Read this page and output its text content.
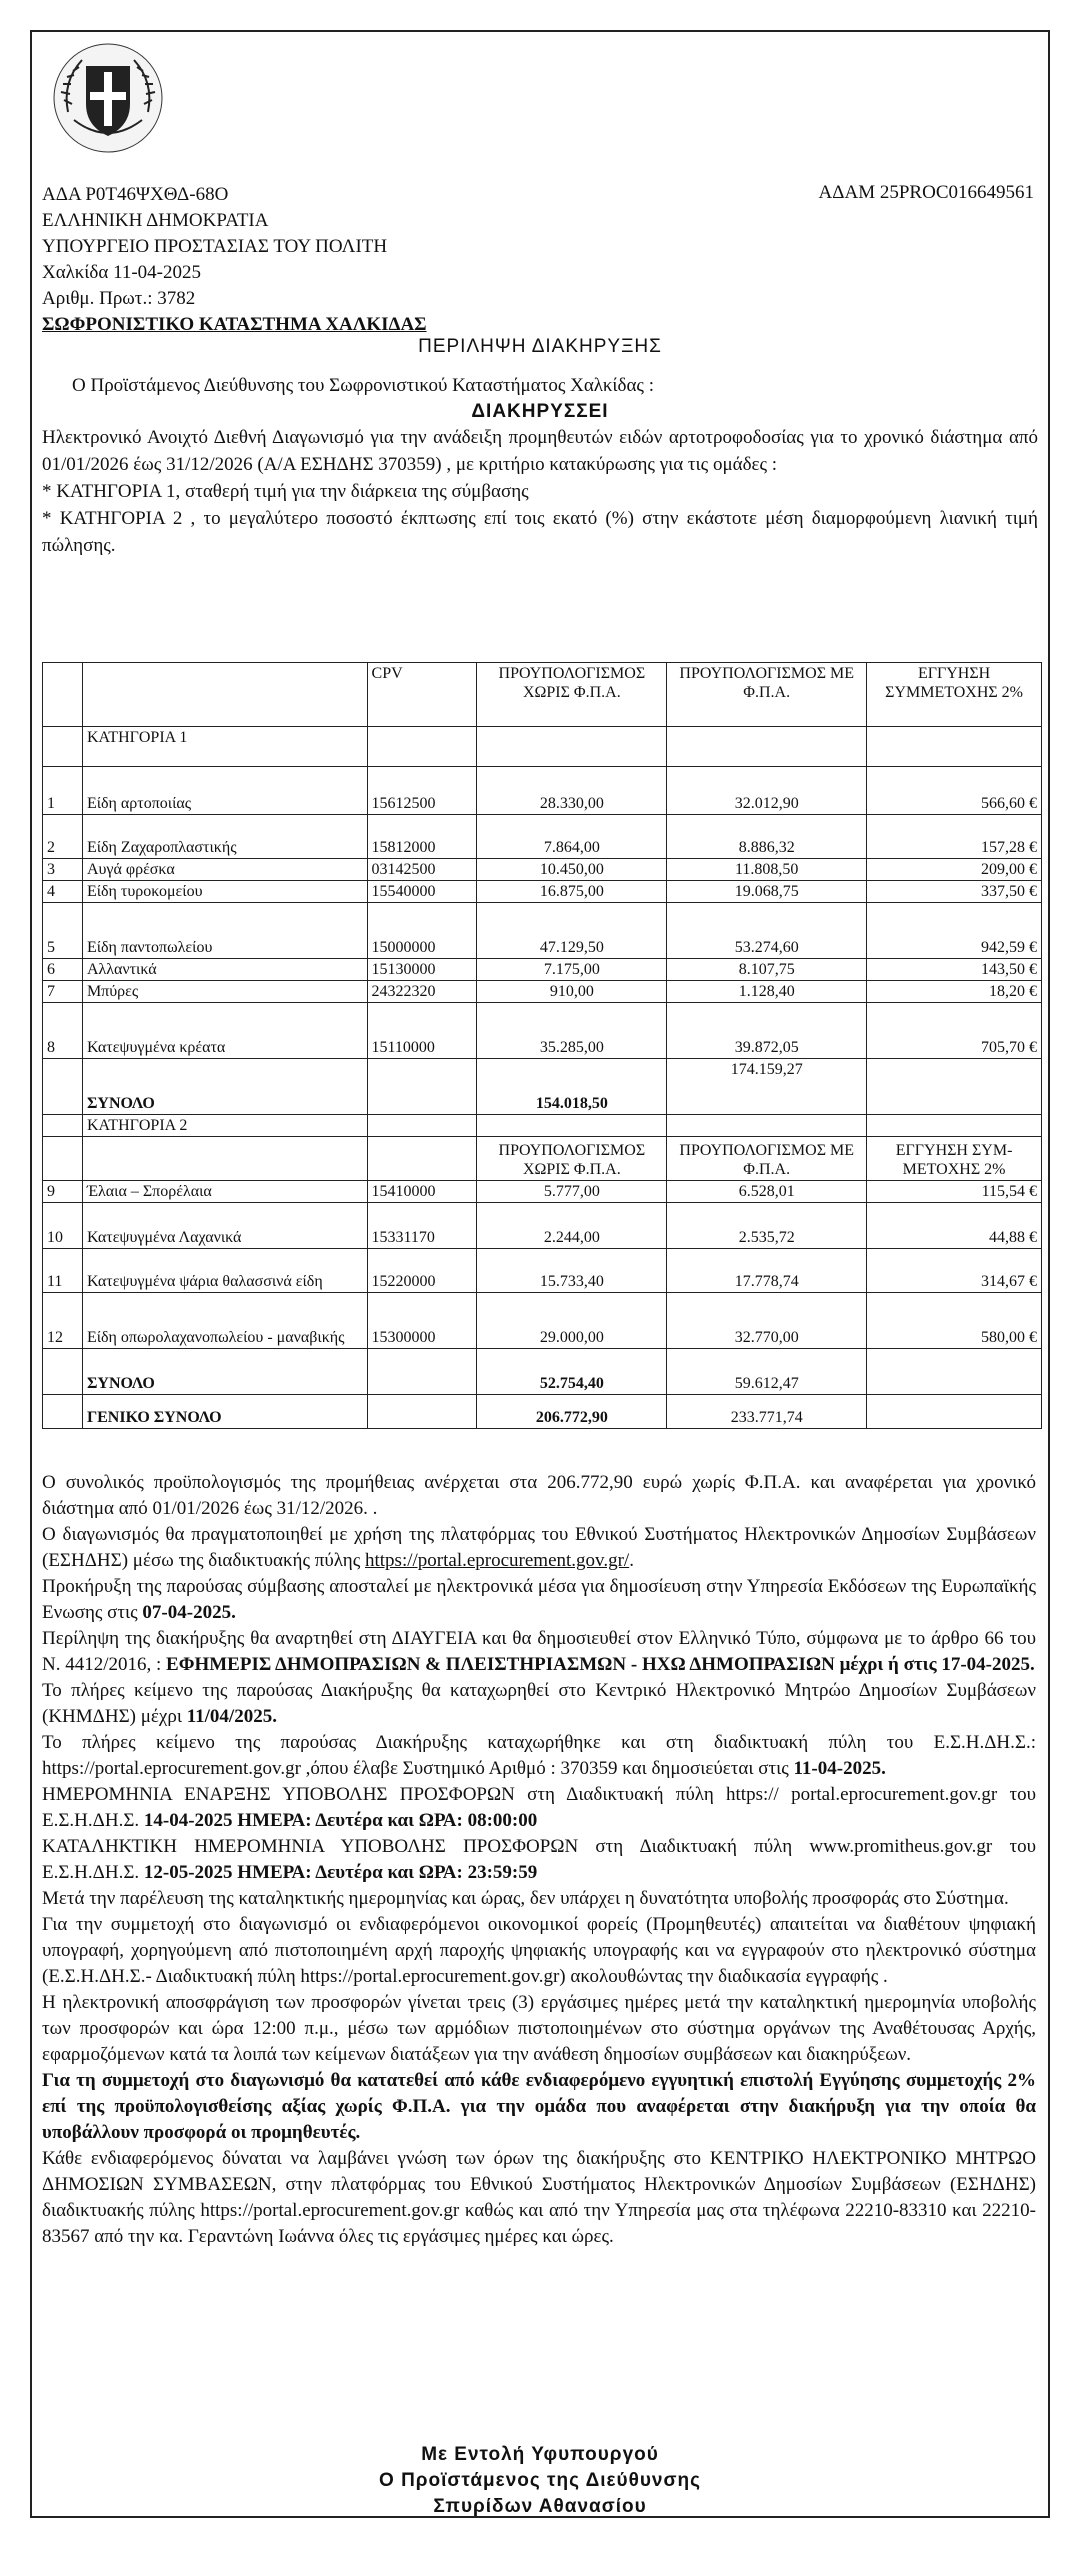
ΑΔΑ Ρ0Τ46ΨΧΘΔ-68Ο	ΑΔΑΜ 25PROC016649561
ΕΛΛΗΝΙΚΗ ΔΗΜΟΚΡΑΤΙΑ
ΥΠΟΥΡΓΕΙΟ ΠΡΟΣΤΑΣΙΑΣ ΤΟΥ ΠΟΛΙΤΗ
Χαλκίδα 11-04-2025
Αριθμ. Πρωτ.: 3782
ΣΩΦΡΟΝΙΣΤΙΚΟ ΚΑΤΑΣΤΗΜΑ ΧΑΛΚΙΔΑΣ
ΠΕΡΙΛΗΨΗ ΔΙΑΚΗΡΥΞΗΣ
Ο Προϊστάμενος Διεύθυνσης του Σωφρονιστικού Καταστήματος Χαλκίδας :
ΔΙΑΚΗΡΥΣΣΕΙ

Ηλεκτρονικό Ανοιχτό Διεθνή Διαγωνισμό για την ανάδειξη προμηθευτών ειδών αρτοτροφοδοσίας για το χρονικό διάστημα από 01/01/2026 έως 31/12/2026 (Α/Α ΕΣΗΔΗΣ 370359) , με κριτήριο κατακύρωσης για τις ομάδες :

* ΚΑΤΗΓΟΡΙΑ 1, σταθερή τιμή για την διάρκεια της σύμβασης

* ΚΑΤΗΓΟΡΙΑ 2 , το μεγαλύτερο ποσοστό έκπτωσης επί τοις εκατό (%) στην εκάστοτε μέση διαμορφούμενη λιανική τιμή πώλησης.

		CPV	ΠΡΟΥΠΟΛΟΓΙΣΜΟΣ ΧΩΡΙΣ Φ.Π.Α.	ΠΡΟΥΠΟΛΟΓΙΣΜΟΣ ΜΕ Φ.Π.Α.	ΕΓΓΥΗΣΗ ΣΥΜΜΕΤΟΧΗΣ 2%
	ΚΑΤΗΓΟΡΙΑ 1				
1	Είδη αρτοποιίας	15612500	28.330,00	32.012,90	566,60 €
2	Είδη Ζαχαροπλαστικής	15812000	7.864,00	8.886,32	157,28 €
3	Αυγά φρέσκα	03142500	10.450,00	11.808,50	209,00 €
4	Είδη τυροκομείου	15540000	16.875,00	19.068,75	337,50 €
5	Είδη παντοπωλείου	15000000	47.129,50	53.274,60	942,59 €
6	Αλλαντικά	15130000	7.175,00	8.107,75	143,50 €
7	Μπύρες	24322320	910,00	1.128,40	18,20 €
8	Κατεψυγμένα κρέατα	15110000	35.285,00	39.872,05	705,70 €
	ΣΥΝΟΛΟ		154.018,50	174.159,27	
	ΚΑΤΗΓΟΡΙΑ 2				
			ΠΡΟΥΠΟΛΟΓΙΣΜΟΣ ΧΩΡΙΣ Φ.Π.Α.	ΠΡΟΥΠΟΛΟΓΙΣΜΟΣ ΜΕ Φ.Π.Α.	ΕΓΓΥΗΣΗ ΣΥΜ-ΜΕΤΟΧΗΣ 2%
9	Έλαια – Σπορέλαια	15410000	5.777,00	6.528,01	115,54 €
10	Κατεψυγμένα Λαχανικά	15331170	2.244,00	2.535,72	44,88 €
11	Κατεψυγμένα ψάρια θαλασσινά είδη	15220000	15.733,40	17.778,74	314,67 €
12	Είδη οπωρολαχανοπωλείου - μαναβικής	15300000	29.000,00	32.770,00	580,00 €
	ΣΥΝΟΛΟ		52.754,40	59.612,47	
	ΓΕΝΙΚΟ ΣΥΝΟΛΟ		206.772,90	233.771,74	

Ο συνολικός προϋπολογισμός της προμήθειας ανέρχεται στα 206.772,90 ευρώ χωρίς Φ.Π.Α. και αναφέρεται για χρονικό διάστημα από 01/01/2026 έως 31/12/2026. .

Ο διαγωνισμός θα πραγματοποιηθεί με χρήση της πλατφόρμας του Εθνικού Συστήματος Ηλεκτρονικών Δημοσίων Συμβάσεων (ΕΣΗΔΗΣ) μέσω της διαδικτυακής πύλης https://portal.eprocurement.gov.gr/.

Προκήρυξη της παρούσας σύμβασης αποσταλεί με ηλεκτρονικά μέσα για δημοσίευση στην Υπηρεσία Εκδόσεων της Ευρωπαϊκής Ενωσης στις 07-04-2025.

Περίληψη της διακήρυξης θα αναρτηθεί στη ΔΙΑΥΓΕΙΑ και θα δημοσιευθεί στον Ελληνικό Τύπο, σύμφωνα με το άρθρο 66 του Ν. 4412/2016, : ΕΦΗΜΕΡΙΣ ΔΗΜΟΠΡΑΣΙΩΝ & ΠΛΕΙΣΤΗΡΙΑΣΜΩΝ - ΗΧΩ ΔΗΜΟΠΡΑΣΙΩΝ μέχρι ή στις 17-04-2025.

Το πλήρες κείμενο της παρούσας Διακήρυξης θα καταχωρηθεί στο Κεντρικό Ηλεκτρονικό Μητρώο Δημοσίων Συμβάσεων (ΚΗΜΔΗΣ) μέχρι 11/04/2025.

Το πλήρες κείμενο της παρούσας Διακήρυξης καταχωρήθηκε και στη διαδικτυακή πύλη του Ε.Σ.Η.ΔΗ.Σ.: https://portal.eprocurement.gov.gr ,όπου έλαβε Συστημικό Αριθμό : 370359 και δημοσιεύεται στις 11-04-2025.

ΗΜΕΡΟΜΗΝΙΑ ΕΝΑΡΞΗΣ ΥΠΟΒΟΛΗΣ ΠΡΟΣΦΟΡΩΝ στη Διαδικτυακή πύλη https:// portal.eprocurement.gov.gr του Ε.Σ.Η.ΔΗ.Σ. 14-04-2025 ΗΜΕΡΑ: Δευτέρα και ΩΡΑ: 08:00:00

ΚΑΤΑΛΗΚΤΙΚΗ ΗΜΕΡΟΜΗΝΙΑ ΥΠΟΒΟΛΗΣ ΠΡΟΣΦΟΡΩΝ στη Διαδικτυακή πύλη www.promitheus.gov.gr του Ε.Σ.Η.ΔΗ.Σ. 12-05-2025 ΗΜΕΡΑ: Δευτέρα και ΩΡΑ: 23:59:59

Μετά την παρέλευση της καταληκτικής ημερομηνίας και ώρας, δεν υπάρχει η δυνατότητα υποβολής προσφοράς στο Σύστημα.

Για την συμμετοχή στο διαγωνισμό οι ενδιαφερόμενοι οικονομικοί φορείς (Προμηθευτές) απαιτείται να διαθέτουν ψηφιακή υπογραφή, χορηγούμενη από πιστοποιημένη αρχή παροχής ψηφιακής υπογραφής και να εγγραφούν στο ηλεκτρονικό σύστημα (Ε.Σ.Η.ΔΗ.Σ.- Διαδικτυακή πύλη https://portal.eprocurement.gov.gr) ακολουθώντας την διαδικασία εγγραφής .

Η ηλεκτρονική αποσφράγιση των προσφορών γίνεται τρεις (3) εργάσιμες ημέρες μετά την καταληκτική ημερομηνία υποβολής των προσφορών και ώρα 12:00 π.μ., μέσω των αρμόδιων πιστοποιημένων στο σύστημα οργάνων της Αναθέτουσας Αρχής, εφαρμοζόμενων κατά τα λοιπά των κείμενων διατάξεων για την ανάθεση δημοσίων συμβάσεων και διακηρύξεων.

Για τη συμμετοχή στο διαγωνισμό θα κατατεθεί από κάθε ενδιαφερόμενο εγγυητική επιστολή Εγγύησης συμμετοχής 2% επί της προϋπολογισθείσης αξίας χωρίς Φ.Π.Α. για την ομάδα που αναφέρεται στην διακήρυξη για την οποία θα υποβάλλουν προσφορά οι προμηθευτές.

Κάθε ενδιαφερόμενος δύναται να λαμβάνει γνώση των όρων της διακήρυξης στο ΚΕΝΤΡΙΚΟ ΗΛΕΚΤΡΟΝΙΚΟ ΜΗΤΡΩΟ ΔΗΜΟΣΙΩΝ ΣΥΜΒΑΣΕΩΝ, στην πλατφόρμας του Εθνικού Συστήματος Ηλεκτρονικών Δημοσίων Συμβάσεων (ΕΣΗΔΗΣ) διαδικτυακής πύλης https://portal.eprocurement.gov.gr καθώς και από την Υπηρεσία μας στα τηλέφωνα 22210-83310 και 22210-83567 από την κα. Γεραντώνη Ιωάννα όλες τις εργάσιμες ημέρες και ώρες.

Με Εντολή Υφυπουργού
Ο Προϊστάμενος της Διεύθυνσης
Σπυρίδων Αθανασίου
